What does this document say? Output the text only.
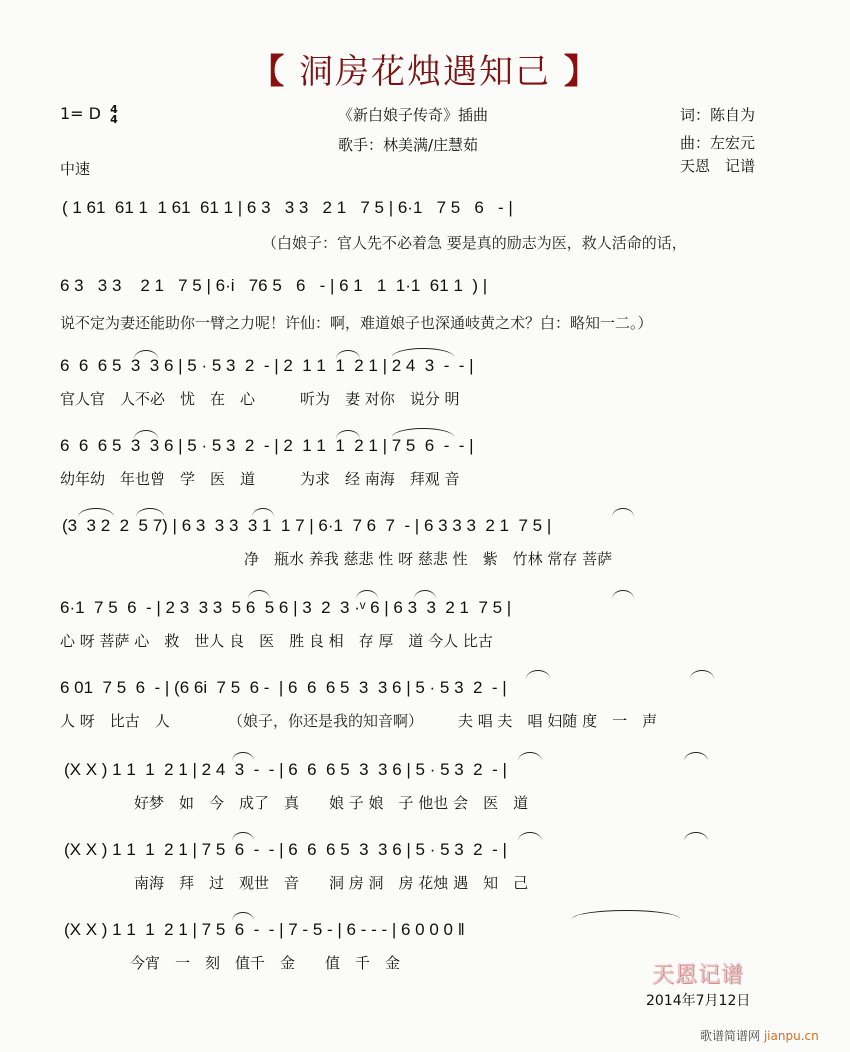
【 洞房花烛遇知己 】
1= D 4
4
中速
《新白娘子传奇》插曲
歌手：林美满/庄慧茹
词：陈自为
曲：左宏元
天恩　记谱
( 1 61  61 1  1 61  61 1 | 6 3   3 3   2 1   7 5 | 6·1   7 5   6   - |
（白娘子：官人先不必着急 要是真的励志为医，救人活命的话，
6 3   3 3    2 1   7 5 | 6·i   76 5   6   - | 6 1   1  1·1  61 1  ) |
说不定为妻还能助你一臂之力呢！许仙：啊，难道娘子也深通岐黄之术？白：略知一二。）
6  6  6 5  3  3 6 | 5 · 5 3  2  - | 2  1 1  1  2 1 | 2 4  3  -  - |
官人官　人不必　忧　在　心　　　听为　妻 对你　说分 明
6  6  6 5  3  3 6 | 5 · 5 3  2  - | 2  1 1  1  2 1 | 7 5  6  -  - |
幼年幼　年也曾　学　医　道　　　为求　经 南海　拜观 音
(3  3 2  2  5 7) | 6 3  3 3  3 1  1 7 | 6·1  7 6  7  - | 6 3 3 3  2 1  7 5 |
净　瓶水 养我 慈悲 性 呀 慈悲 性　紫　竹林 常存 菩萨
6·1  7 5  6  - | 2 3  3 3  5 6  5 6 | 3  2  3 ·ᵛ 6 | 6 3  3  2 1  7 5 |
心 呀 菩萨 心　救　世人 良　医　胜 良 相　存 厚　道 今人 比古
6 01  7 5  6  - | (6 6i  7 5  6 -  | 6  6  6 5  3  3 6 | 5 · 5 3  2  - |
人 呀　比古　人	（娘子，你还是我的知音啊） 夫 唱 夫　唱 妇随 度　一　声
(X X ) 1 1  1  2 1 | 2 4  3  -  - | 6  6  6 5  3  3 6 | 5 · 5 3  2  - |
好梦　如　今　成了　真　　娘 子 娘　子 他也 会　医　道
(X X ) 1 1  1  2 1 | 7 5  6  -  - | 6  6  6 5  3  3 6 | 5 · 5 3  2  - |
南海　拜　过　观世　音　　洞 房 洞　房 花烛 遇　知　己
(X X ) 1 1  1  2 1 | 7 5  6  -  - | 7 - 5 - | 6 - - - | 6 0 0 0 ‖
今宵　一　刻　值千　金　　值　千　金	天恩记谱
2014年7月12日
歌谱简谱网 jianpu.cn
